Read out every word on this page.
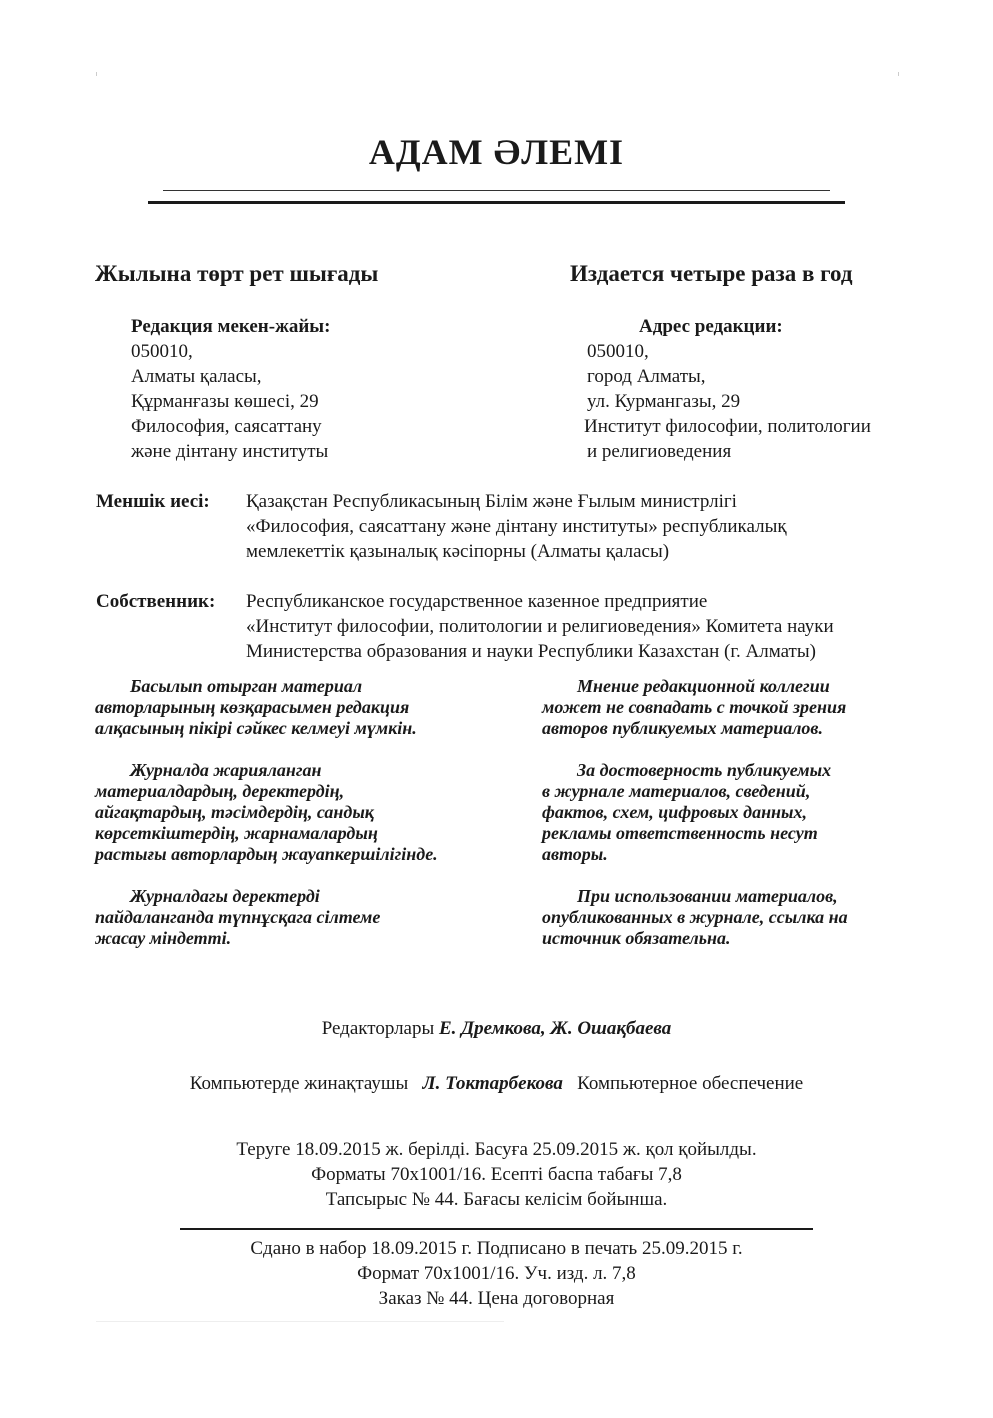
АДАМ ӘЛЕМІ
Жылына төрт рет шығады	Издается четыре раза в год
Редакция мекен-жайы:
050010,
Алматы қаласы,
Құрманғазы көшесі, 29
Философия, саясаттану
және дінтану институты
Адрес редакции:
050010,
город Алматы,
ул. Курмангазы, 29
Институт философии, политологии
и религиоведения
Меншік иесі: Қазақстан Республикасының Білім және Ғылым министрлігі
«Философия, саясаттану және дінтану институты» республикалық
мемлекеттік қазыналық кәсіпорны (Алматы қаласы)
Собственник: Республиканское государственное казенное предприятие
«Институт философии, политологии и религиоведения» Комитета науки
Министерства образования и науки Республики Казахстан (г. Алматы)

Басылып отырган материал
авторларының көзқарасымен редакция
алқасының пікірі сәйкес келмеуі мүмкін.

Журналда жарияланган
материалдардың, деректердің,
айгақтардың, тәсімдердің, сандық
көрсеткіштердің, жарнамалардың
растығы авторлардың жауапкершілігінде.

Журналдагы деректерді
пайдаланганда түпнұсқага сілтеме
жасау міндетті.

Мнение редакционной коллегии
может не совпадать с точкой зрения
авторов публикуемых материалов.

За достоверность публикуемых
в журнале материалов, сведений,
фактов, схем, цифровых данных,
рекламы ответственность несут
авторы.

При использовании материалов,
опубликованных в журнале, ссылка на
источник обязательна.

Редакторлары Е. Дремкова, Ж. Ошақбаева
Компьютерде жинақтаушы Л. Токтарбекова Компьютерное обеспечение
Теруге 18.09.2015 ж. берілді. Басуға 25.09.2015 ж. қол қойылды.
Форматы 70х1001/16. Есепті баспа табағы 7,8
Тапсырыс № 44. Бағасы келісім бойынша.
Сдано в набор 18.09.2015 г. Подписано в печать 25.09.2015 г.
Формат 70х1001/16. Уч. изд. л. 7,8
Заказ № 44. Цена договорная
